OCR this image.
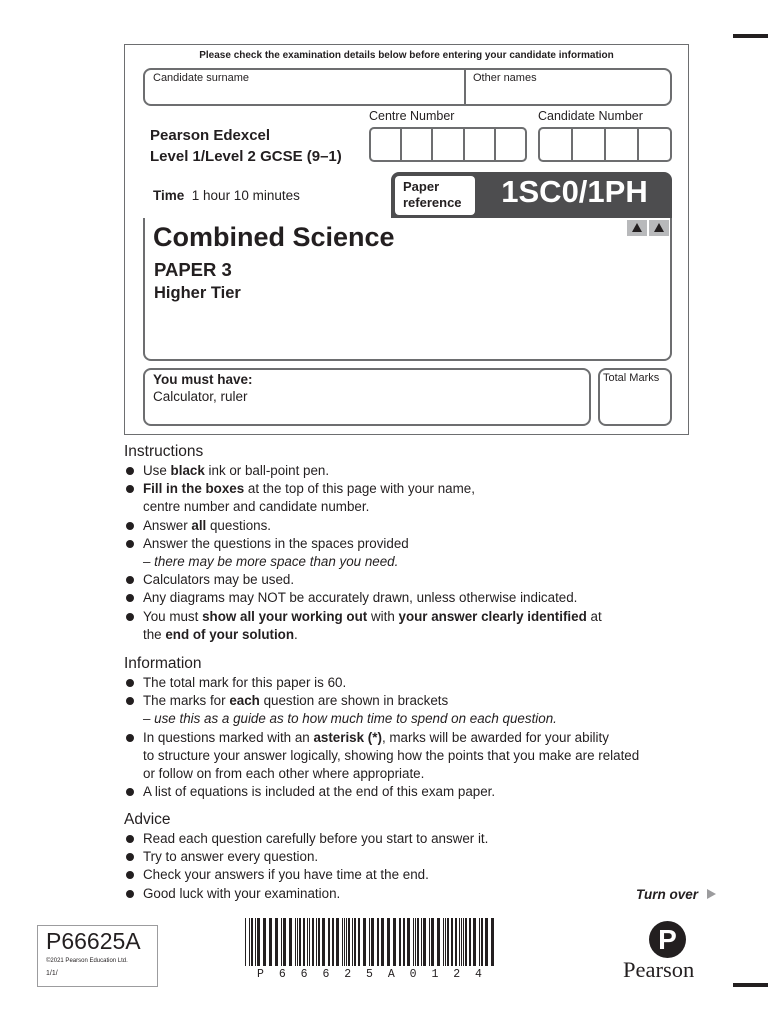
Please check the examination details below before entering your candidate information
Candidate surname	Other names
Pearson Edexcel
Level 1/Level 2 GCSE (9–1)
Centre Number	Candidate Number
Time 1 hour 10 minutes
Paper
reference	1SC0/1PH
Combined Science
PAPER 3
Higher Tier
You must have:
Calculator, ruler
Total Marks
Instructions
Use black ink or ball-point pen.
Fill in the boxes at the top of this page with your name,
centre number and candidate number.
Answer all questions.
Answer the questions in the spaces provided
– there may be more space than you need.
Calculators may be used.
Any diagrams may NOT be accurately drawn, unless otherwise indicated.
You must show all your working out with your answer clearly identified at
the end of your solution.
Information
The total mark for this paper is 60.
The marks for each question are shown in brackets
– use this as a guide as to how much time to spend on each question.
In questions marked with an asterisk (*), marks will be awarded for your ability
to structure your answer logically, showing how the points that you make are related
or follow on from each other where appropriate.
A list of equations is included at the end of this exam paper.
Advice
Read each question carefully before you start to answer it.
Try to answer every question.
Check your answers if you have time at the end.
Good luck with your examination.	Turn over
P66625A
©2021 Pearson Education Ltd.
1/1/	P 6 6 6 2 5 A 0 1 2 4
P
Pearson
